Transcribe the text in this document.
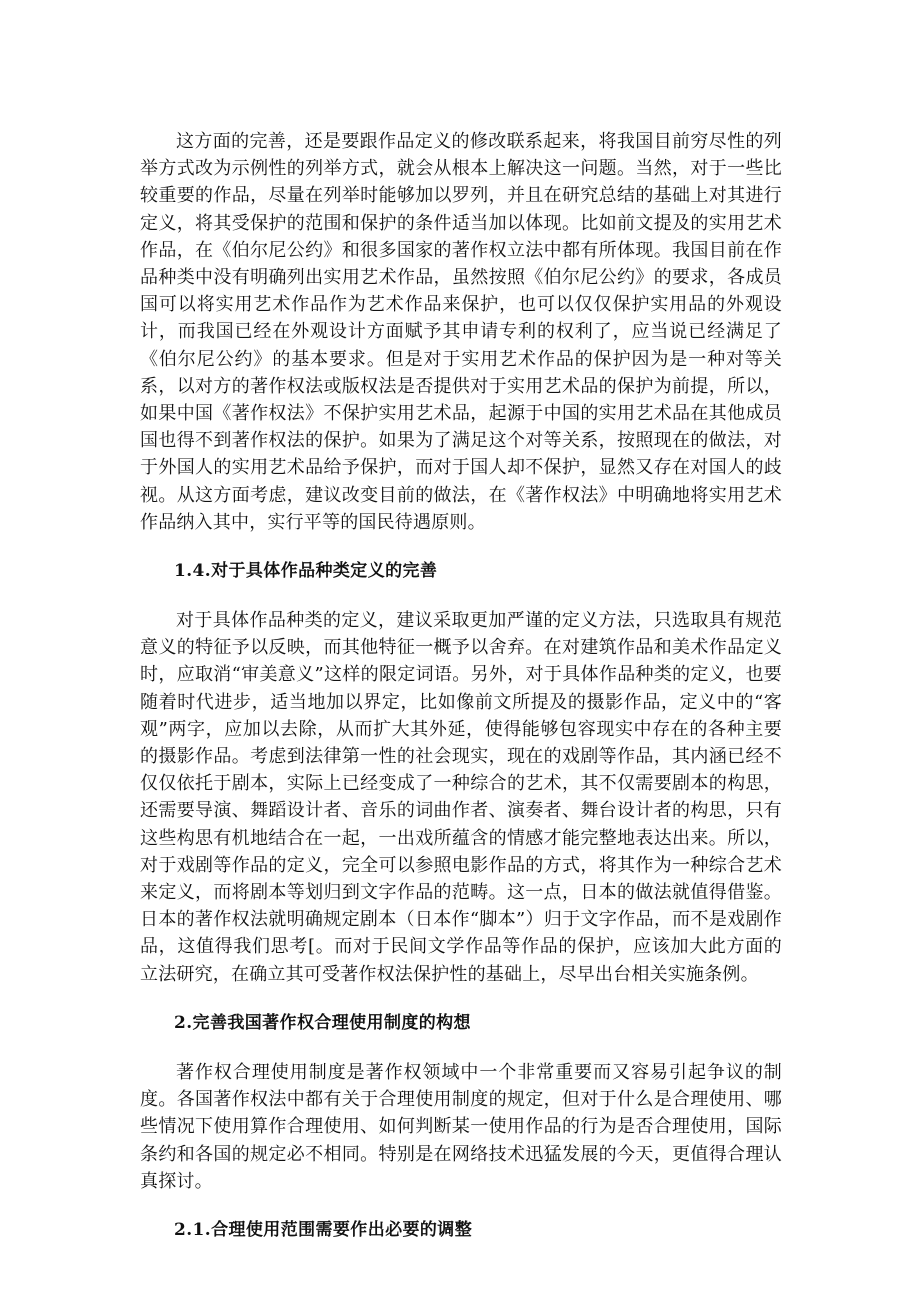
这方面的完善，还是要跟作品定义的修改联系起来，将我国目前穷尽性的列举方式改为示例性的列举方式，就会从根本上解决这一问题。当然，对于一些比较重要的作品，尽量在列举时能够加以罗列，并且在研究总结的基础上对其进行定义，将其受保护的范围和保护的条件适当加以体现。比如前文提及的实用艺术作品，在《伯尔尼公约》和很多国家的著作权立法中都有所体现。我国目前在作品种类中没有明确列出实用艺术作品，虽然按照《伯尔尼公约》的要求，各成员国可以将实用艺术作品作为艺术作品来保护，也可以仅仅保护实用品的外观设计，而我国已经在外观设计方面赋予其申请专利的权利了，应当说已经满足了《伯尔尼公约》的基本要求。但是对于实用艺术作品的保护因为是一种对等关系，以对方的著作权法或版权法是否提供对于实用艺术品的保护为前提，所以，如果中国《著作权法》不保护实用艺术品，起源于中国的实用艺术品在其他成员国也得不到著作权法的保护。如果为了满足这个对等关系，按照现在的做法，对于外国人的实用艺术品给予保护，而对于国人却不保护，显然又存在对国人的歧视。从这方面考虑，建议改变目前的做法，在《著作权法》中明确地将实用艺术作品纳入其中，实行平等的国民待遇原则。

1.4.对于具体作品种类定义的完善

对于具体作品种类的定义，建议采取更加严谨的定义方法，只选取具有规范意义的特征予以反映，而其他特征一概予以舍弃。在对建筑作品和美术作品定义时，应取消“审美意义”这样的限定词语。另外，对于具体作品种类的定义，也要随着时代进步，适当地加以界定，比如像前文所提及的摄影作品，定义中的“客观”两字，应加以去除，从而扩大其外延，使得能够包容现实中存在的各种主要的摄影作品。考虑到法律第一性的社会现实，现在的戏剧等作品，其内涵已经不仅仅依托于剧本，实际上已经变成了一种综合的艺术，其不仅需要剧本的构思，还需要导演、舞蹈设计者、音乐的词曲作者、演奏者、舞台设计者的构思，只有这些构思有机地结合在一起，一出戏所蕴含的情感才能完整地表达出来。所以，对于戏剧等作品的定义，完全可以参照电影作品的方式，将其作为一种综合艺术来定义，而将剧本等划归到文字作品的范畴。这一点，日本的做法就值得借鉴。日本的著作权法就明确规定剧本（日本作“脚本”）归于文字作品，而不是戏剧作品，这值得我们思考[。而对于民间文学作品等作品的保护，应该加大此方面的立法研究，在确立其可受著作权法保护性的基础上，尽早出台相关实施条例。

2.完善我国著作权合理使用制度的构想

著作权合理使用制度是著作权领域中一个非常重要而又容易引起争议的制度。各国著作权法中都有关于合理使用制度的规定，但对于什么是合理使用、哪些情况下使用算作合理使用、如何判断某一使用作品的行为是否合理使用，国际条约和各国的规定必不相同。特别是在网络技术迅猛发展的今天，更值得合理认真探讨。

2.1.合理使用范围需要作出必要的调整
